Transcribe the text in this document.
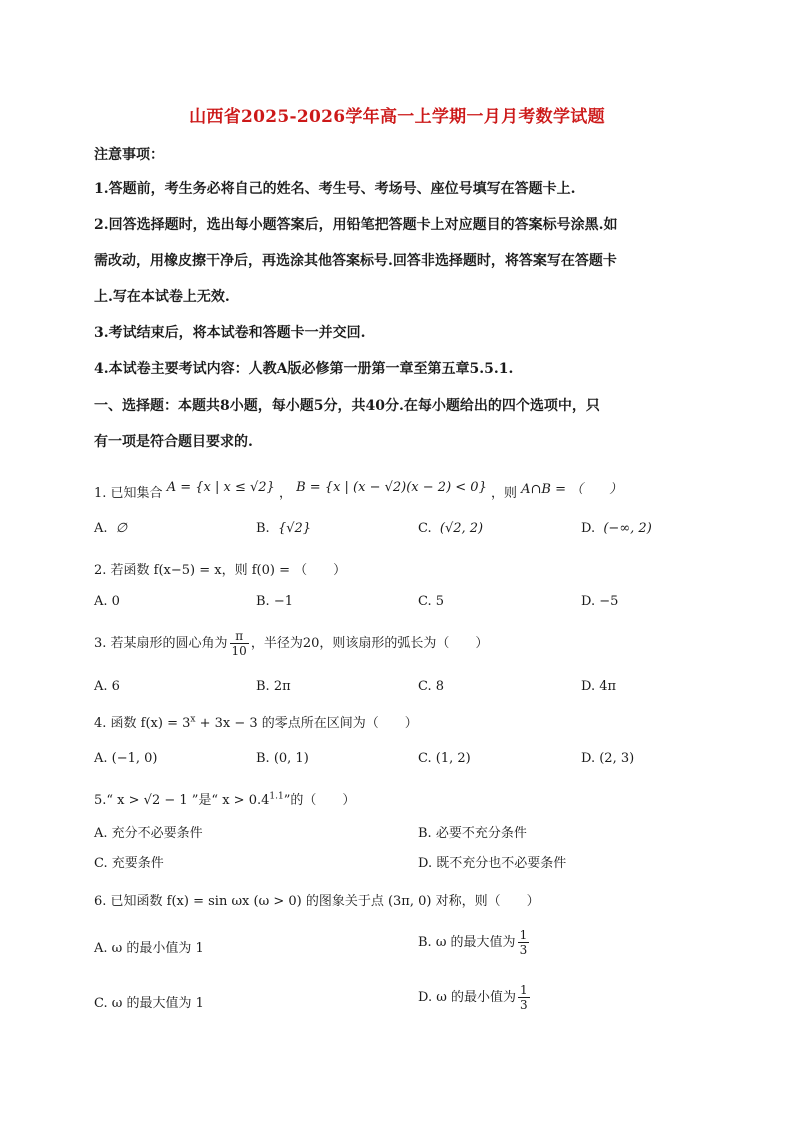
山西省2025-2026学年高一上学期一月月考数学试题
注意事项：
1.答题前，考生务必将自己的姓名、考生号、考场号、座位号填写在答题卡上.
2.回答选择题时，选出每小题答案后，用铅笔把答题卡上对应题目的答案标号涂黑.如
需改动，用橡皮擦干净后，再选涂其他答案标号.回答非选择题时，将答案写在答题卡
上.写在本试卷上无效.
3.考试结束后，将本试卷和答题卡一并交回.
4.本试卷主要考试内容：人教A版必修第一册第一章至第五章5.5.1.
一、选择题：本题共8小题，每小题5分，共40分.在每小题给出的四个选项中，只
有一项是符合题目要求的.
1. 已知集合 A = {x | x ≤ √2} ， B = {x | (x − √2)(x − 2) < 0} ，则 A∩B = （　　）
A. ∅	B. {√2}	C. (√2, 2)	D. (−∞, 2)
2. 若函数 f(x−5) = x，则 f(0) = （　　）
A. 0	B. −1	C. 5	D. −5
3. 若某扇形的圆心角为 $\frac{\pi}{10}$ ，半径为20，则该扇形的弧长为（　　）
A. 6	B. 2π	C. 8	D. 4π
4. 函数 $f(x) = 3^x + 3x - 3$ 的零点所在区间为（　　）
A. (−1, 0)	B. (0, 1)	C. (1, 2)	D. (2, 3)
5.“ x > √2 − 1 ”是“ $x > 0.4^{1.1}$”的（　　）
A. 充分不必要条件	B. 必要不充分条件
C. 充要条件	D. 既不充分也不必要条件
6. 已知函数 f(x) = sin ωx (ω > 0) 的图象关于点 (3π, 0) 对称，则（　　）
A. ω 的最小值为 1	B. ω 的最大值为 $\frac{1}{3}$
C. ω 的最大值为 1	D. ω 的最小值为 $\frac{1}{3}$
